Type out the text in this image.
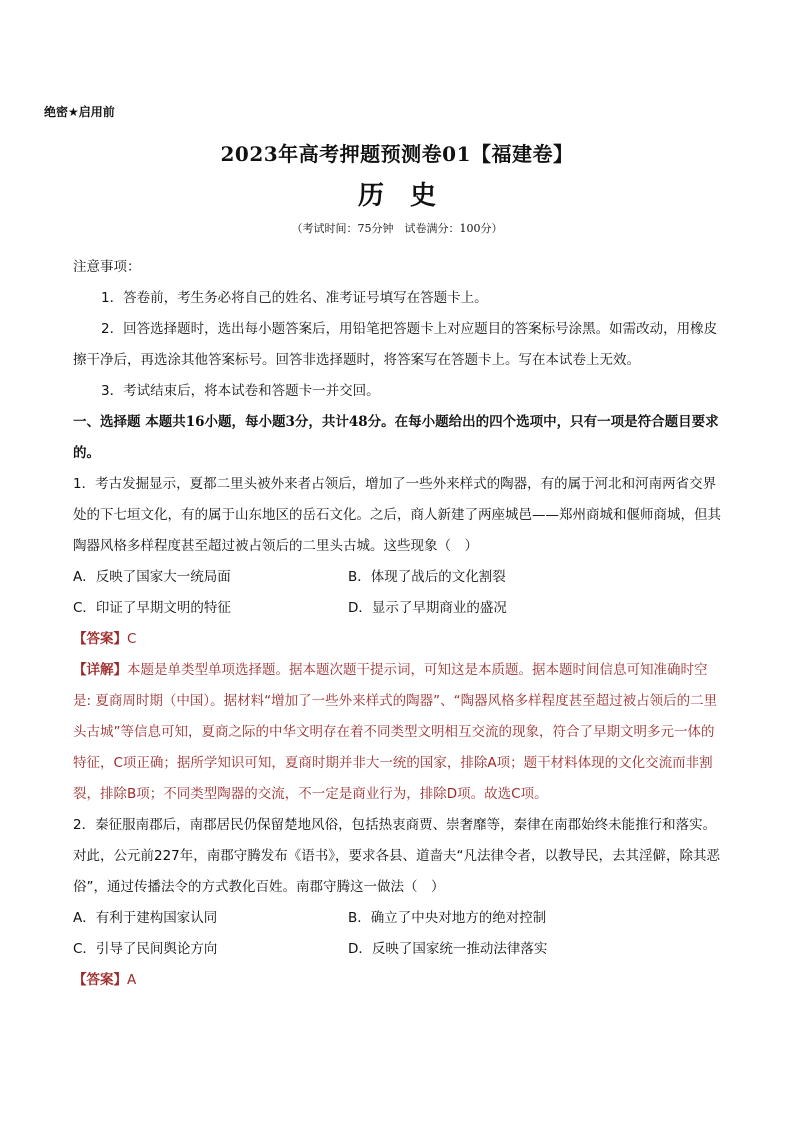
绝密★启用前
2023年高考押题预测卷01【福建卷】
历史
（考试时间：75分钟　试卷满分：100分）

注意事项：

1．答卷前，考生务必将自己的姓名、准考证号填写在答题卡上。

2．回答选择题时，选出每小题答案后，用铅笔把答题卡上对应题目的答案标号涂黑。如需改动，用橡皮擦干净后，再选涂其他答案标号。回答非选择题时，将答案写在答题卡上。写在本试卷上无效。

3．考试结束后，将本试卷和答题卡一并交回。

一、选择题 本题共16小题，每小题3分，共计48分。在每小题给出的四个选项中，只有一项是符合题目要求的。

1．考古发掘显示，夏都二里头被外来者占领后，增加了一些外来样式的陶器，有的属于河北和河南两省交界处的下七垣文化，有的属于山东地区的岳石文化。之后，商人新建了两座城邑——郑州商城和偃师商城，但其陶器风格多样程度甚至超过被占领后的二里头古城。这些现象（　）

A．反映了国家大一统局面	B．体现了战后的文化割裂
C．印证了早期文明的特征	D．显示了早期商业的盛况

【答案】C

【详解】本题是单类型单项选择题。据本题次题干提示词，可知这是本质题。据本题时间信息可知准确时空是: 夏商周时期（中国）。据材料“增加了一些外来样式的陶器”、“陶器风格多样程度甚至超过被占领后的二里头古城”等信息可知，夏商之际的中华文明存在着不同类型文明相互交流的现象，符合了早期文明多元一体的特征，C项正确；据所学知识可知，夏商时期并非大一统的国家，排除A项；题干材料体现的文化交流而非割裂，排除B项；不同类型陶器的交流，不一定是商业行为，排除D项。故选C项。

2．秦征服南郡后，南郡居民仍保留楚地风俗，包括热衷商贾、崇奢靡等，秦律在南郡始终未能推行和落实。对此，公元前227年，南郡守腾发布《语书》，要求各县、道啬夫“凡法律令者，以教导民，去其淫僻，除其恶俗”，通过传播法令的方式教化百姓。南郡守腾这一做法（　）

A．有利于建构国家认同	B．确立了中央对地方的绝对控制
C．引导了民间舆论方向	D．反映了国家统一推动法律落实

【答案】A
